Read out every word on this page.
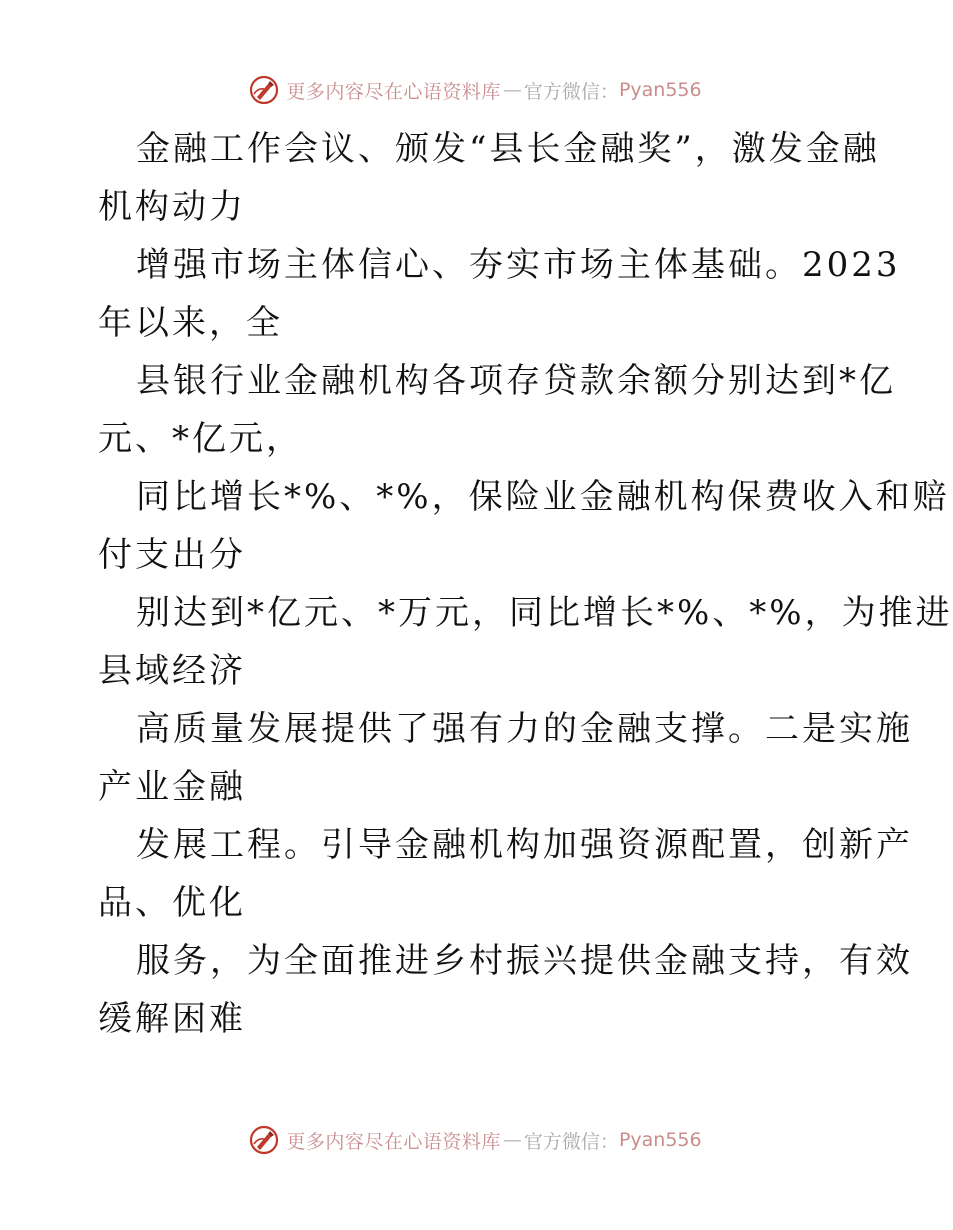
更多内容尽在心语资料库 — 官方微信： Pyan556
金融工作会议、颁发“县长金融奖”，激发金融
机构动力
增强市场主体信心、夯实市场主体基础。2023
年以来，全
县银行业金融机构各项存贷款余额分别达到*亿
元、*亿元，
同比增长*%、*%，保险业金融机构保费收入和赔
付支出分
别达到*亿元、*万元，同比增长*%、*%，为推进
县域经济
高质量发展提供了强有力的金融支撑。二是实施
产业金融
发展工程。引导金融机构加强资源配置，创新产
品、优化
服务，为全面推进乡村振兴提供金融支持，有效
缓解困难
更多内容尽在心语资料库 — 官方微信： Pyan556
